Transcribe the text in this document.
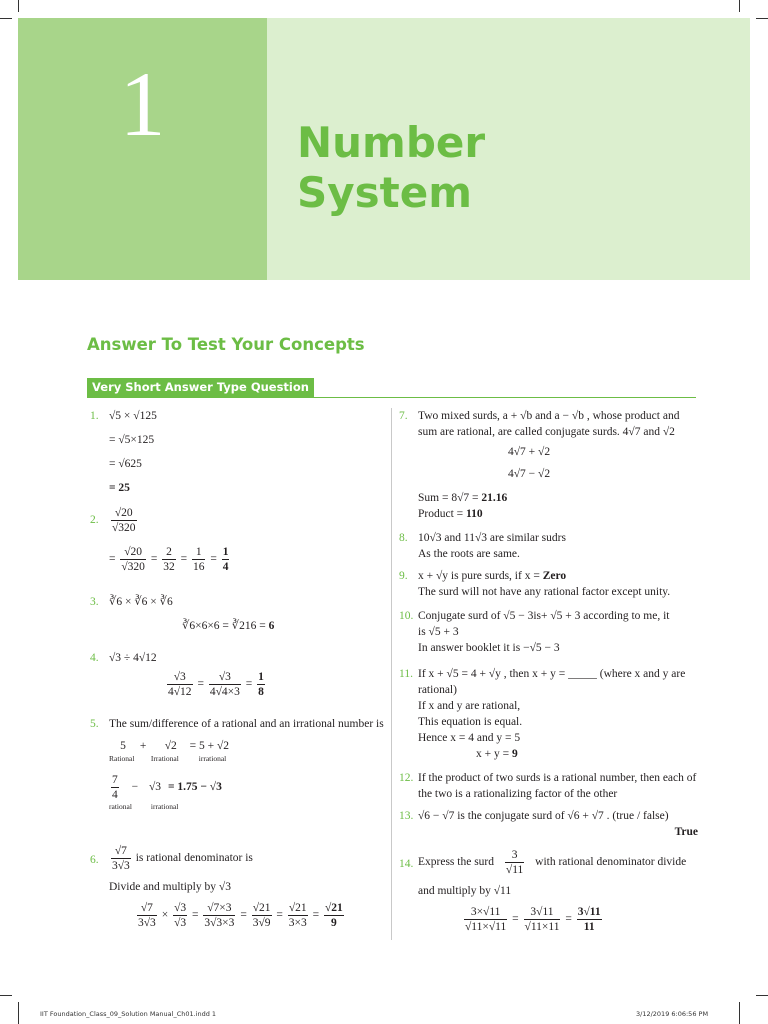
1	Number
System
Answer To Test Your Concepts
Very Short Answer Type Question
1. √5 × √125
= √5×125
= √625
= 25
2. $\frac{√20}{√320}$
= $\frac{√20}{√320} = \frac{2}{32} = \frac{1}{16} = \frac{1}{4}$
3. ∛6 × ∛6 × ∛6
∛6×6×6 = ∛216 = 6
4. √3 ÷ 4√12
$\frac{√3}{4√12} = \frac{√3}{4√4\times 3} = \frac{1}{8}$
5. The sum/difference of a rational and an irrational number is
5 + √2 = 5 + √2
Rational Irrational	irrational
$\frac{7}{4} - √3 = 1.75 - √3$
rational	irrational
6. $\frac{√7}{3√3}$ is rational denominator is
Divide and multiply by √3
$\frac{√7}{3√3} \times \frac{√3}{√3} = \frac{√7\times 3}{3√3\times 3} = \frac{√21}{3√9} = \frac{√21}{3\times 3} = \frac{√21}{9}$
7. Two mixed surds, a + √b and a − √b , whose product and sum are rational, are called conjugate surds. 4√7 and √2
4√7 + √2
4√7 − √2
Sum = 8√7 = 21.16
Product = 110
8. 10√3 and 11√3 are similar sudrs
As the roots are same.
9. x + √y is pure surds, if x = Zero
The surd will not have any rational factor except unity.
10. Conjugate surd of √5 − 3is+ √5 + 3 according to me, it
is √5 + 3
In answer booklet it is −√5 − 3
11. If x + √5 = 4 + √y , then x + y = _____ (where x and y are rational)
If x and y are rational,
This equation is equal.
Hence x = 4 and y = 5
x + y = 9
12. If the product of two surds is a rational number, then each of the two is a rationalizing factor of the other
13. √6 − √7 is the conjugate surd of √6 + √7 . (true / false)
True
14. Express the surd $\frac{3}{√11}$ with rational denominator divide
and multiply by √11
$\frac{3\times√11}{√11\times√11} = \frac{3√11}{√11\times 11} = \frac{3√11}{11}$
IIT Foundation_Class_09_Solution Manual_Ch01.indd 1	3/12/2019 6:06:56 PM
